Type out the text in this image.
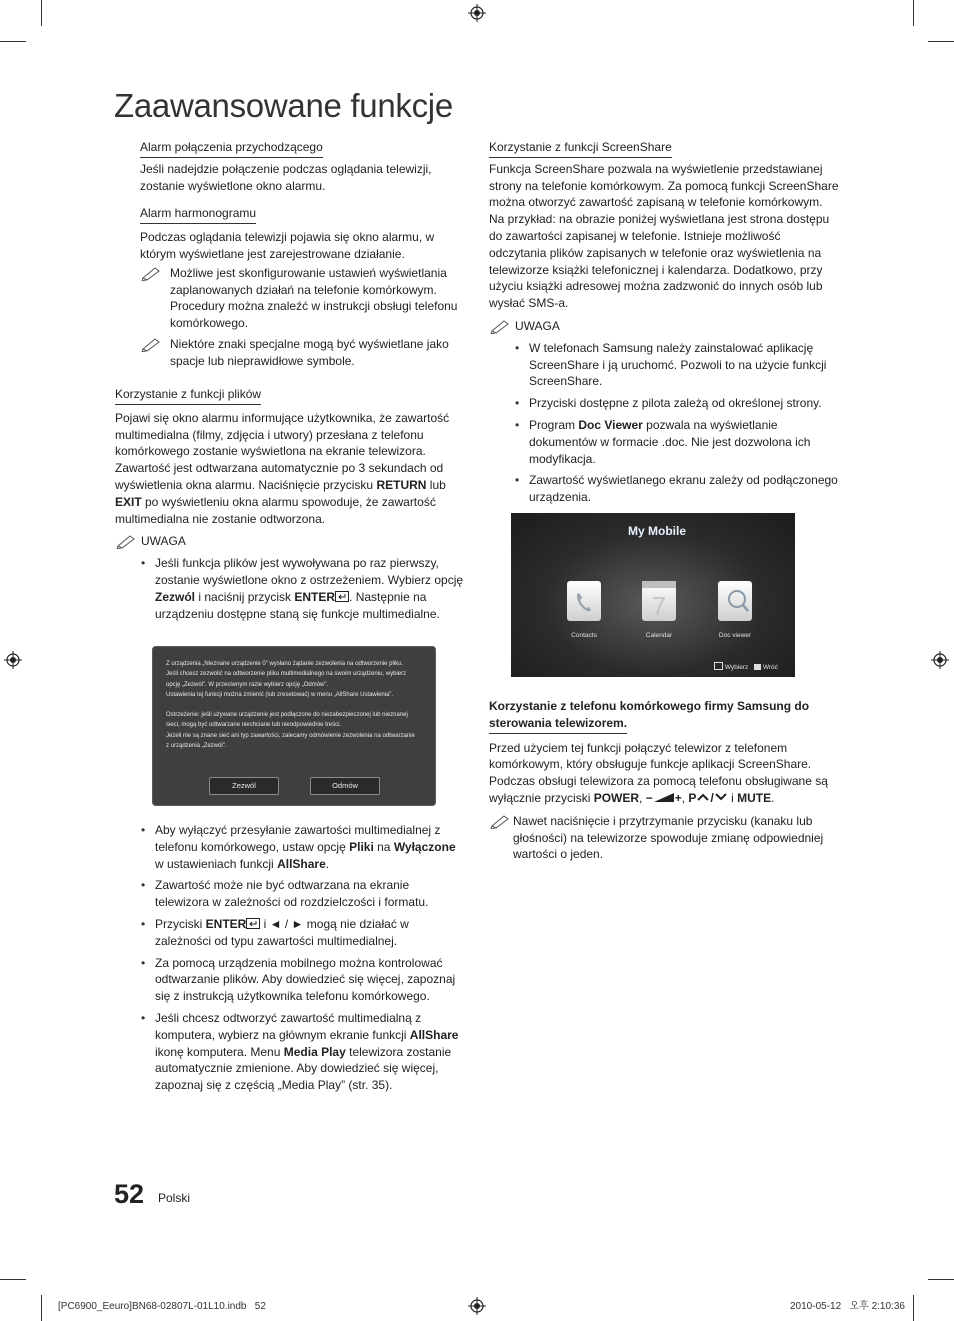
Zaawansowane funkcje
Alarm połączenia przychodzącego

Jeśli nadejdzie połączenie podczas oglądania telewizji, zostanie wyświetlone okno alarmu.

Alarm harmonogramu

Podczas oglądania telewizji pojawia się okno alarmu, w którym wyświetlane jest zarejestrowane działanie.

Możliwe jest skonfigurowanie ustawień wyświetlania zaplanowanych działań na telefonie komórkowym. Procedury można znaleźć w instrukcji obsługi telefonu komórkowego.

Niektóre znaki specjalne mogą być wyświetlane jako spacje lub nieprawidłowe symbole.

Korzystanie z funkcji plików

Pojawi się okno alarmu informujące użytkownika, że zawartość multimedialna (filmy, zdjęcia i utwory) przesłana z telefonu komórkowego zostanie wyświetlona na ekranie telewizora. Zawartość jest odtwarzana automatycznie po 3 sekundach od wyświetlenia okna alarmu. Naciśnięcie przycisku RETURN lub EXIT po wyświetleniu okna alarmu spowoduje, że zawartość multimedialna nie zostanie odtworzona.

UWAGA
• Jeśli funkcja plików jest wywoływana po raz pierwszy, zostanie wyświetlone okno z ostrzeżeniem. Wybierz opcję Zezwól i naciśnij przycisk ENTER . Następnie na urządzeniu dostępne staną się funkcje multimedialne.

Z urządzenia „Nieznane urządzenie 0” wysłano żądanie zezwolenia na odtworzenie pliku.

Jeśli chcesz zezwolić na odtworzenie pliku multimedialnego na swoim urządzeniu, wybierz opcję „Zezwól”. W przeciwnym razie wybierz opcję „Odmów”.

Ustawienia tej funkcji można zmienić (lub zresetować) w menu „AllShare Ustawienia”.

Ostrzeżenie: jeśli używane urządzenie jest podłączone do niezabezpieczonej lub nieznanej sieci, mogą być odtwarzane niechciane lub nieodpowiednie treści.

Jeżeli nie są znane sieć ani typ zawartości, zalecamy odmówienie zezwolenia na odtwarzanie z urządzenia „Zezwól”.

Zezwól	Odmów
• Aby wyłączyć przesyłanie zawartości multimedialnej z telefonu komórkowego, ustaw opcję Pliki na Wyłączone w ustawieniach funkcji AllShare.
• Zawartość może nie być odtwarzana na ekranie telewizora w zależności od rozdzielczości i formatu.
• Przyciski ENTER i ◄ / ► mogą nie działać w zależności od typu zawartości multimedialnej.
• Za pomocą urządzenia mobilnego można kontrolować odtwarzanie plików. Aby dowiedzieć się więcej, zapoznaj się z instrukcją użytkownika telefonu komórkowego.
• Jeśli chcesz odtworzyć zawartość multimedialną z komputera, wybierz na głównym ekranie funkcji AllShare ikonę komputera. Menu Media Play telewizora zostanie automatycznie zmienione. Aby dowiedzieć się więcej, zapoznaj się z częścią „Media Play” (str. 35).
Korzystanie z funkcji ScreenShare

Funkcja ScreenShare pozwala na wyświetlenie przedstawianej strony na telefonie komórkowym. Za pomocą funkcji ScreenShare można otworzyć zawartość zapisaną w telefonie komórkowym. Na przykład: na obrazie poniżej wyświetlana jest strona dostępu do zawartości zapisanej w telefonie. Istnieje możliwość odczytania plików zapisanych w telefonie oraz wyświetlenia na telewizorze książki telefonicznej i kalendarza. Dodatkowo, przy użyciu książki adresowej można zadzwonić do innych osób lub wysłać SMS-a.

UWAGA
• W telefonach Samsung należy zainstalować aplikację ScreenShare i ją uruchomć. Pozwoli to na użycie funkcji ScreenShare.
• Przyciski dostępne z pilota zależą od określonej strony.
• Program Doc Viewer pozwala na wyświetlanie dokumentów w formacie .doc. Nie jest dozwolona ich modyfikacja.
• Zawartość wyświetlanego ekranu zależy od podłączonego urządzenia.
My Mobile
7
Contacts	Calendar	Doc viewer
Wybierz	Wróć
Korzystanie z telefonu komórkowego firmy Samsung do
sterowania telewizorem.

Przed użyciem tej funkcji połączyć telewizor z telefonem komórkowym, który obsługuje funkcje aplikacji ScreenShare. Podczas obsługi telewizora za pomocą telefonu obsługiwane są wyłącznie przyciski POWER, − +, P / i MUTE.

Nawet naciśnięcie i przytrzymanie przycisku (kanaku lub głośności) na telewizorze spowoduje zmianę odpowiedniej wartości o jeden.

52 Polski
[PC6900_Eeuro]BN68-02807L-01L10.indb   52	2010-05-12   오후 2:10:36
